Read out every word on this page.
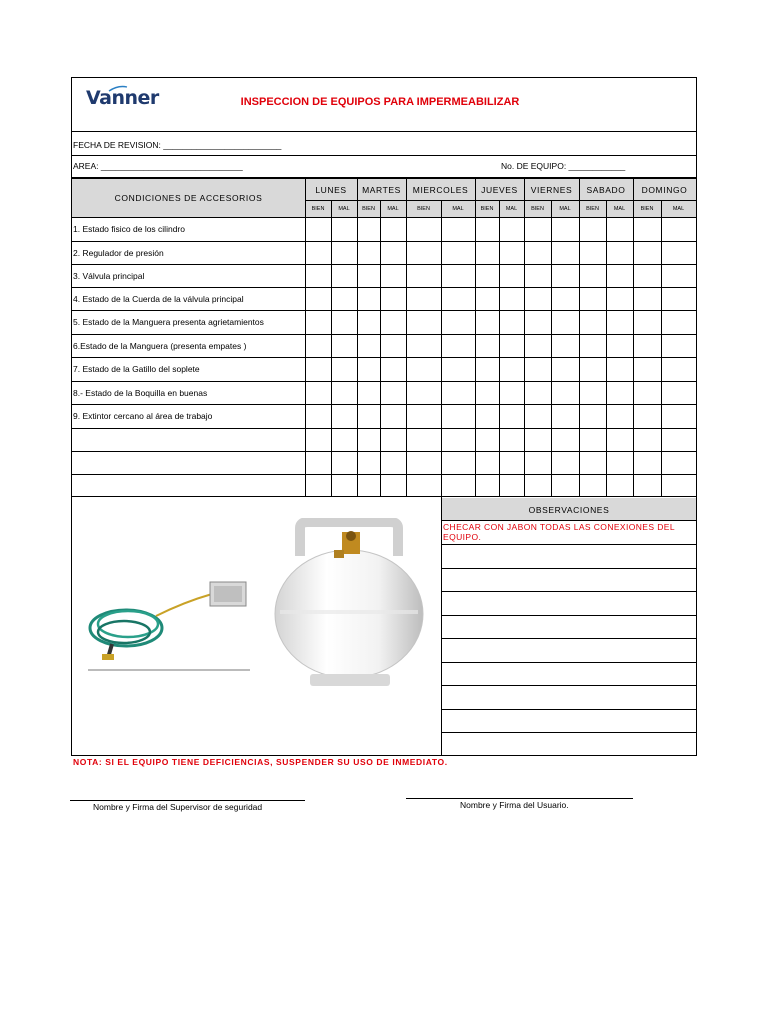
Vanner	INSPECCION DE EQUIPOS PARA IMPERMEABILIZAR
FECHA DE REVISION: _________________________
AREA: ______________________________	No. DE EQUIPO: ____________
CONDICIONES DE ACCESORIOS
LUNES	MARTES	MIERCOLES	JUEVES	VIERNES	SABADO	DOMINGO
BIEN	MAL	BIEN	MAL	BIEN	MAL	BIEN	MAL	BIEN	MAL	BIEN	MAL	BIEN	MAL
1. Estado fisico de los cilindro
2. Regulador de presión
3. Válvula principal
4. Estado de la Cuerda de la válvula principal
5. Estado de la Manguera presenta agrietamientos
6.Estado de la Manguera (presenta empates )
7. Estado de la Gatillo del soplete
8.- Estado de la Boquilla en buenas
9. Extintor cercano al área de trabajo
OBSERVACIONES
CHECAR CON JABON TODAS LAS CONEXIONES DEL EQUIPO.
NOTA: SI EL EQUIPO TIENE DEFICIENCIAS, SUSPENDER SU USO DE INMEDIATO.
Nombre y Firma del Supervisor de seguridad	Nombre y Firma del Usuario.
